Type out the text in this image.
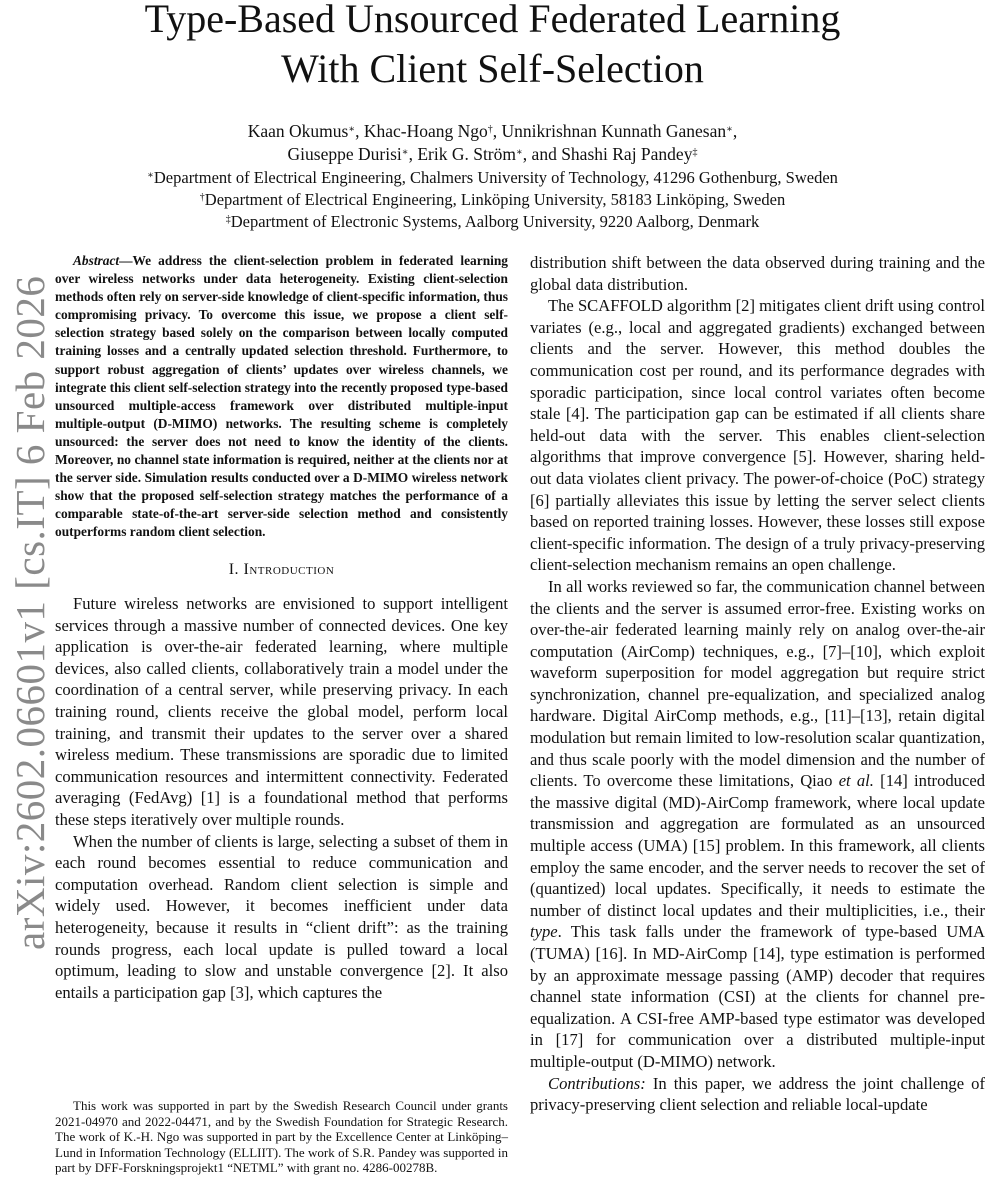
Type-Based Unsourced Federated Learning
With Client Self-Selection
Kaan Okumus∗, Khac-Hoang Ngo†, Unnikrishnan Kunnath Ganesan∗,
Giuseppe Durisi∗, Erik G. Ström∗, and Shashi Raj Pandey‡
∗Department of Electrical Engineering, Chalmers University of Technology, 41296 Gothenburg, Sweden
†Department of Electrical Engineering, Linköping University, 58183 Linköping, Sweden
‡Department of Electronic Systems, Aalborg University, 9220 Aalborg, Denmark
arXiv:2602.06601v1 [cs.IT] 6 Feb 2026

Abstract—We address the client-selection problem in federated learning over wireless networks under data heterogeneity. Existing client-selection methods often rely on server-side knowledge of client-specific information, thus compromising privacy. To overcome this issue, we propose a client self-selection strategy based solely on the comparison between locally computed training losses and a centrally updated selection threshold. Furthermore, to support robust aggregation of clients’ updates over wireless channels, we integrate this client self-selection strategy into the recently proposed type-based unsourced multiple-access framework over distributed multiple-input multiple-output (D-MIMO) networks. The resulting scheme is completely unsourced: the server does not need to know the identity of the clients. Moreover, no channel state information is required, neither at the clients nor at the server side. Simulation results conducted over a D-MIMO wireless network show that the proposed self-selection strategy matches the performance of a comparable state-of-the-art server-side selection method and consistently outperforms random client selection.

I. Introduction

Future wireless networks are envisioned to support intelligent services through a massive number of connected devices. One key application is over-the-air federated learning, where multiple devices, also called clients, collaboratively train a model under the coordination of a central server, while preserving privacy. In each training round, clients receive the global model, perform local training, and transmit their updates to the server over a shared wireless medium. These transmissions are sporadic due to limited communication resources and intermittent connectivity. Federated averaging (FedAvg) [1] is a foundational method that performs these steps iteratively over multiple rounds.

When the number of clients is large, selecting a subset of them in each round becomes essential to reduce communication and computation overhead. Random client selection is simple and widely used. However, it becomes inefficient under data heterogeneity, because it results in “client drift”: as the training rounds progress, each local update is pulled toward a local optimum, leading to slow and unstable convergence [2]. It also entails a participation gap [3], which captures the

This work was supported in part by the Swedish Research Council under grants 2021-04970 and 2022-04471, and by the Swedish Foundation for Strategic Research. The work of K.-H. Ngo was supported in part by the Excellence Center at Linköping–Lund in Information Technology (ELLIIT). The work of S.R. Pandey was supported in part by DFF-Forskningsprojekt1 “NETML” with grant no. 4286-00278B.

distribution shift between the data observed during training and the global data distribution.

The SCAFFOLD algorithm [2] mitigates client drift using control variates (e.g., local and aggregated gradients) exchanged between clients and the server. However, this method doubles the communication cost per round, and its performance degrades with sporadic participation, since local control variates often become stale [4]. The participation gap can be estimated if all clients share held-out data with the server. This enables client-selection algorithms that improve convergence [5]. However, sharing held-out data violates client privacy. The power-of-choice (PoC) strategy [6] partially alleviates this issue by letting the server select clients based on reported training losses. However, these losses still expose client-specific information. The design of a truly privacy-preserving client-selection mechanism remains an open challenge.

In all works reviewed so far, the communication channel between the clients and the server is assumed error-free. Existing works on over-the-air federated learning mainly rely on analog over-the-air computation (AirComp) techniques, e.g., [7]–[10], which exploit waveform superposition for model aggregation but require strict synchronization, channel pre-equalization, and specialized analog hardware. Digital AirComp methods, e.g., [11]–[13], retain digital modulation but remain limited to low-resolution scalar quantization, and thus scale poorly with the model dimension and the number of clients. To overcome these limitations, Qiao et al. [14] introduced the massive digital (MD)-AirComp framework, where local update transmission and aggregation are formulated as an unsourced multiple access (UMA) [15] problem. In this framework, all clients employ the same encoder, and the server needs to recover the set of (quantized) local updates. Specifically, it needs to estimate the number of distinct local updates and their multiplicities, i.e., their type. This task falls under the framework of type-based UMA (TUMA) [16]. In MD-AirComp [14], type estimation is performed by an approximate message passing (AMP) decoder that requires channel state information (CSI) at the clients for channel pre-equalization. A CSI-free AMP-based type estimator was developed in [17] for communication over a distributed multiple-input multiple-output (D-MIMO) network.

Contributions: In this paper, we address the joint challenge of privacy-preserving client selection and reliable local-update
